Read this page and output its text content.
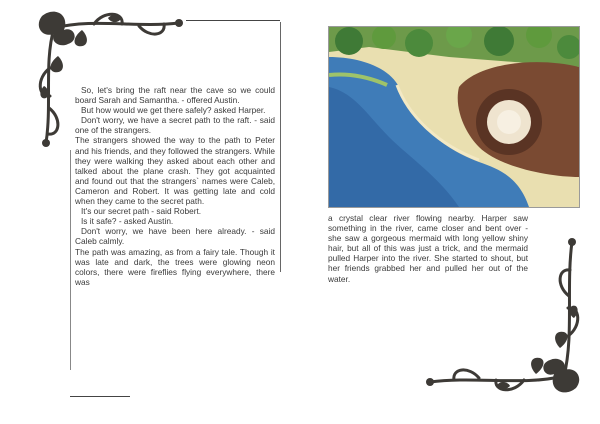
So, let's bring the raft near the cave so we could board Sarah and Samantha. - offered Austin.

But how would we get there safely? asked Harper.

Don't worry, we have a secret path to the raft. - said one of the strangers.

The strangers showed the way to the path to Peter and his friends, and they followed the strangers. While they were walking they asked about each other and talked about the plane crash. They got acquainted and found out that the strangers` names were Caleb, Cameron and Robert. It was getting late and cold when they came to the secret path.

It's our secret path - said Robert.

Is it safe? - asked Austin.

Don't worry, we have been here already. - said Caleb calmly.

The path was amazing, as from a fairy tale. Though it was late and dark, the trees were glowing neon colors, there were fireflies flying everywhere, there was

a crystal clear river flowing nearby. Harper saw something in the river, came closer and bent over - she saw a gorgeous mermaid with long yellow shiny hair, but all of this was just a trick, and the mermaid pulled Harper into the river. She started to shout, but her friends grabbed her and pulled her out of the water.
